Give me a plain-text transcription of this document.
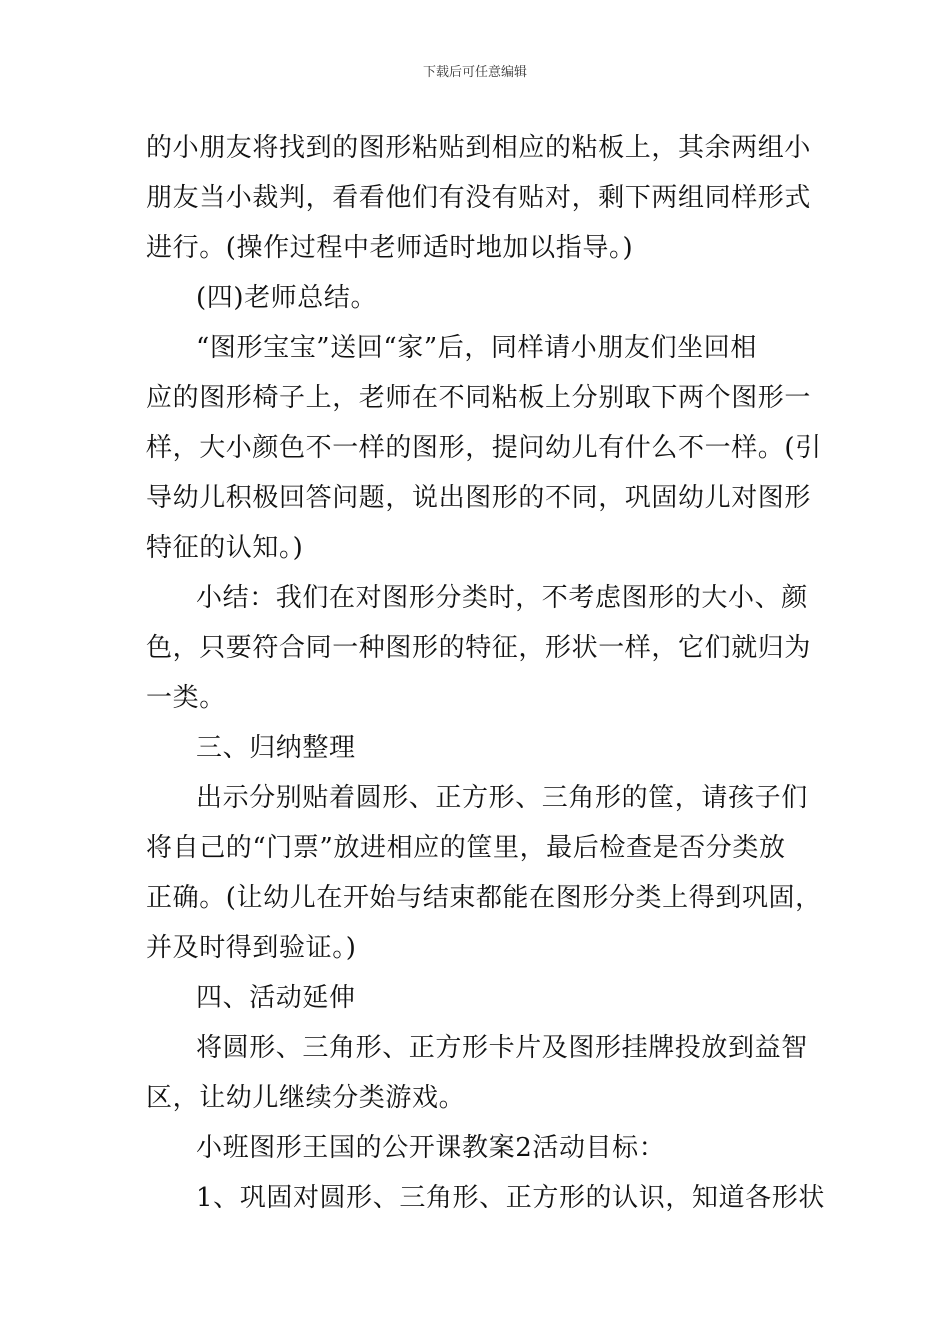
下载后可任意编辑
的小朋友将找到的图形粘贴到相应的粘板上，其余两组小
朋友当小裁判，看看他们有没有贴对，剩下两组同样形式
进行。(操作过程中老师适时地加以指导。)
(四)老师总结。
“图形宝宝”送回“家”后，同样请小朋友们坐回相
应的图形椅子上，老师在不同粘板上分别取下两个图形一
样，大小颜色不一样的图形，提问幼儿有什么不一样。(引
导幼儿积极回答问题，说出图形的不同，巩固幼儿对图形
特征的认知。)
小结：我们在对图形分类时，不考虑图形的大小、颜
色，只要符合同一种图形的特征，形状一样，它们就归为
一类。
三、归纳整理
出示分别贴着圆形、正方形、三角形的筐，请孩子们
将自己的“门票”放进相应的筐里，最后检查是否分类放
正确。(让幼儿在开始与结束都能在图形分类上得到巩固，
并及时得到验证。)
四、活动延伸
将圆形、三角形、正方形卡片及图形挂牌投放到益智
区，让幼儿继续分类游戏。
小班图形王国的公开课教案2活动目标：
1、巩固对圆形、三角形、正方形的认识，知道各形状
